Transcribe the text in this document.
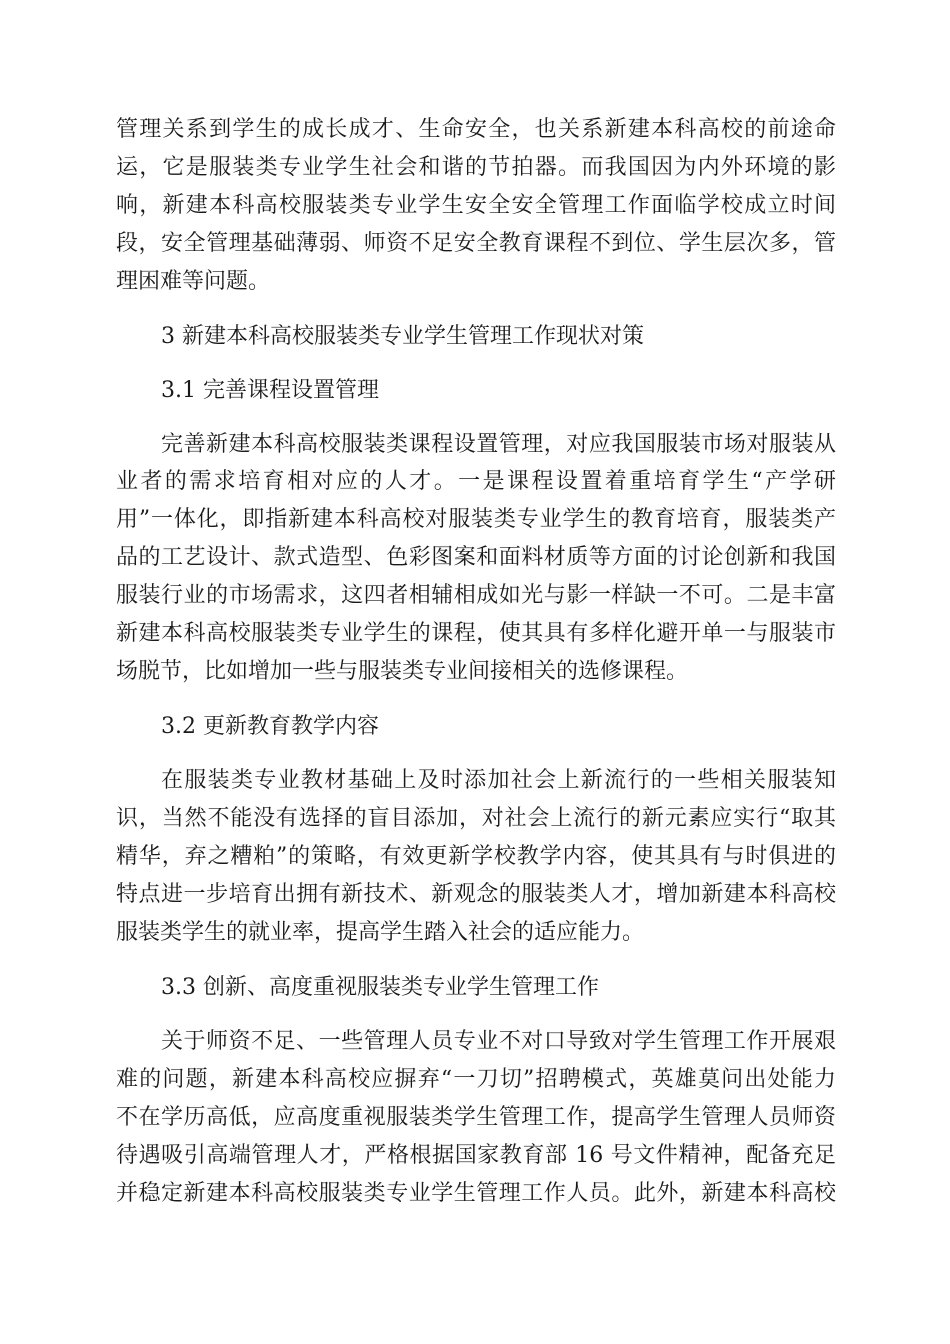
管理关系到学生的成长成才、生命安全，也关系新建本科高校的前途命
运，它是服装类专业学生社会和谐的节拍器。而我国因为内外环境的影
响，新建本科高校服装类专业学生安全安全管理工作面临学校成立时间
段，安全管理基础薄弱、师资不足安全教育课程不到位、学生层次多，管
理困难等问题。
3 新建本科高校服装类专业学生管理工作现状对策
3.1 完善课程设置管理
完善新建本科高校服装类课程设置管理，对应我国服装市场对服装从
业者的需求培育相对应的人才。一是课程设置着重培育学生“产学研
用”一体化，即指新建本科高校对服装类专业学生的教育培育，服装类产
品的工艺设计、款式造型、色彩图案和面料材质等方面的讨论创新和我国
服装行业的市场需求，这四者相辅相成如光与影一样缺一不可。二是丰富
新建本科高校服装类专业学生的课程，使其具有多样化避开单一与服装市
场脱节，比如增加一些与服装类专业间接相关的选修课程。
3.2 更新教育教学内容
在服装类专业教材基础上及时添加社会上新流行的一些相关服装知
识，当然不能没有选择的盲目添加，对社会上流行的新元素应实行“取其
精华，弃之糟粕”的策略，有效更新学校教学内容，使其具有与时俱进的
特点进一步培育出拥有新技术、新观念的服装类人才，增加新建本科高校
服装类学生的就业率，提高学生踏入社会的适应能力。
3.3 创新、高度重视服装类专业学生管理工作
关于师资不足、一些管理人员专业不对口导致对学生管理工作开展艰
难的问题，新建本科高校应摒弃“一刀切”招聘模式，英雄莫问出处能力
不在学历高低，应高度重视服装类学生管理工作，提高学生管理人员师资
待遇吸引高端管理人才，严格根据国家教育部 16 号文件精神，配备充足
并稳定新建本科高校服装类专业学生管理工作人员。此外，新建本科高校
